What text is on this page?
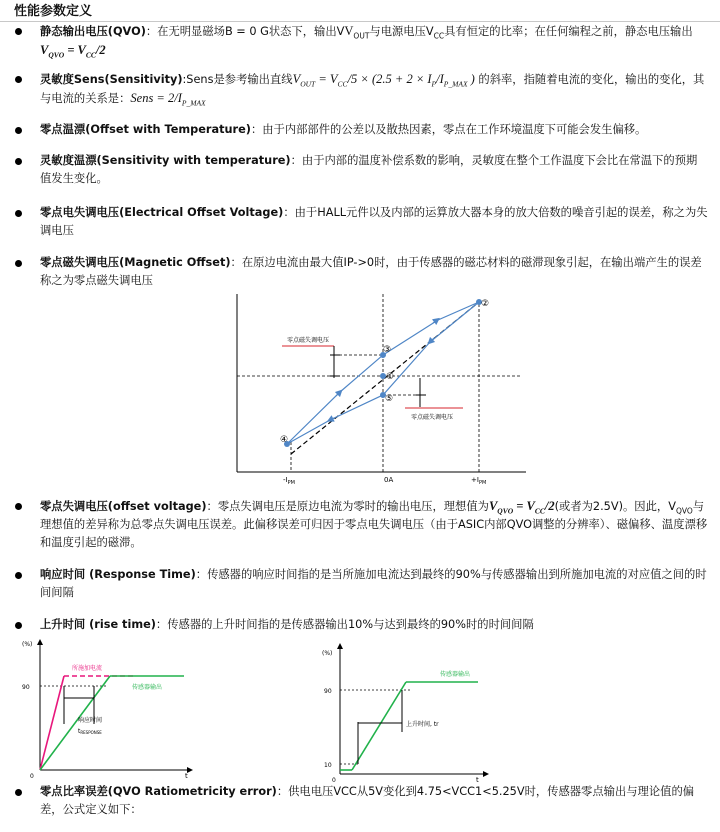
性能参数定义
静态输出电压(QVO)：在无明显磁场B = 0 G状态下，输出$VV_{OUT}$与电源电压$V_{CC}$具有恒定的比率；在任何编程之前，静态电压输出
$V_{QVO} = V_{CC}/2$
灵敏度Sens(Sensitivity):Sens是参考输出直线$V_{OUT} = V_{CC}/5 \times (2.5 + 2 \times I_P/I_{P\_MAX}$ ) 的斜率，指随着电流的变化，输出的变化，其与电流的关系是：Sens = $2/I_{P\_MAX}$
零点温漂(Offset with Temperature)：由于内部部件的公差以及散热因素，零点在工作环境温度下可能会发生偏移。
灵敏度温漂(Sensitivity with temperature)：由于内部的温度补偿系数的影响，灵敏度在整个工作温度下会比在常温下的预期值发生变化。
零点电失调电压(Electrical Offset Voltage)：由于HALL元件以及内部的运算放大器本身的放大倍数的噪音引起的误差，称之为失调电压
零点磁失调电压(Magnetic Offset)：在原边电流由最大值IP->0时，由于传感器的磁芯材料的磁滞现象引起，在输出端产生的误差称之为零点磁失调电压
④
②
③
①
⑤
零点磁失调电压
零点磁失调电压
$-I_{PM}$	0A	$+I_{PM}$
零点失调电压(offset voltage)：零点失调电压是原边电流为零时的输出电压，理想值为$V_{QVO} = V_{CC}/2$(或者为2.5V)。因此，$V_{QVO}$与理想值的差异称为总零点失调电压误差。此偏移误差可归因于零点电失调电压（由于ASIC内部QVO调整的分辨率）、磁偏移、温度漂移和温度引起的磁滞。
响应时间 (Response Time)：传感器的响应时间指的是当所施加电流达到最终的90%与传感器输出到所施加电流的对应值之间的时间间隔
上升时间 (rise time)：传感器的上升时间指的是传感器输出10%与达到最终的90%时的时间间隔
(%)
90
0	t
所施加电流
传感器输出
响应时间
tRESPONSE
(%)
90
10
0	t
传感器输出
上升时间, tr
零点比率误差(QVO Ratiometricity error)：供电电压VCC从5V变化到4.75<VCC1<5.25V时，传感器零点输出与理论值的偏差，公式定义如下：
